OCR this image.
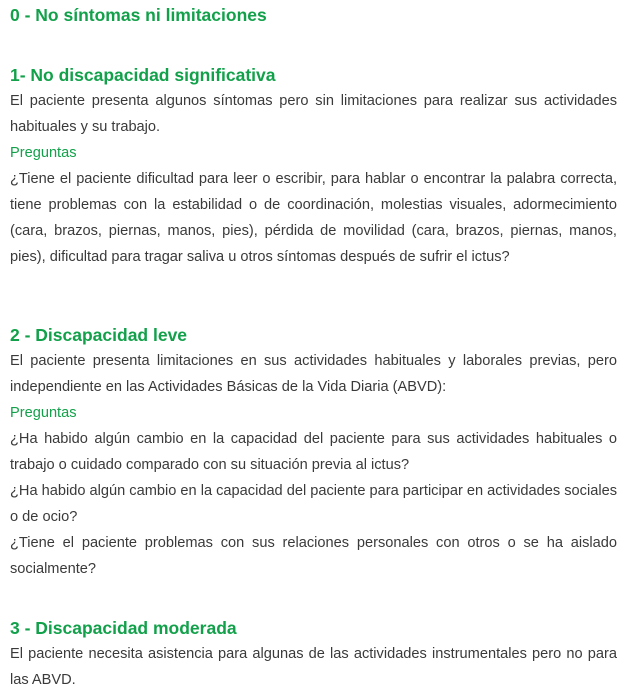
0 - No síntomas ni limitaciones
1- No discapacidad significativa

El paciente presenta algunos síntomas pero sin limitaciones para realizar sus actividades habituales y su trabajo.

Preguntas

¿Tiene el paciente dificultad para leer o escribir, para hablar o encontrar la palabra correcta, tiene problemas con la estabilidad o de coordinación, molestias visuales, adormecimiento (cara, brazos, piernas, manos, pies), pérdida de movilidad (cara, brazos, piernas, manos, pies), dificultad para tragar saliva u otros síntomas después de sufrir el ictus?

2 - Discapacidad leve

El paciente presenta limitaciones en sus actividades habituales y laborales previas, pero independiente en las Actividades Básicas de la Vida Diaria (ABVD):

Preguntas

¿Ha habido algún cambio en la capacidad del paciente para sus actividades habituales o trabajo o cuidado comparado con su situación previa al ictus?

¿Ha habido algún cambio en la capacidad del paciente para participar en actividades sociales o de ocio?

¿Tiene el paciente problemas con sus relaciones personales con otros o se ha aislado socialmente?

3 - Discapacidad moderada

El paciente necesita asistencia para algunas de las actividades instrumentales pero no para las ABVD.
